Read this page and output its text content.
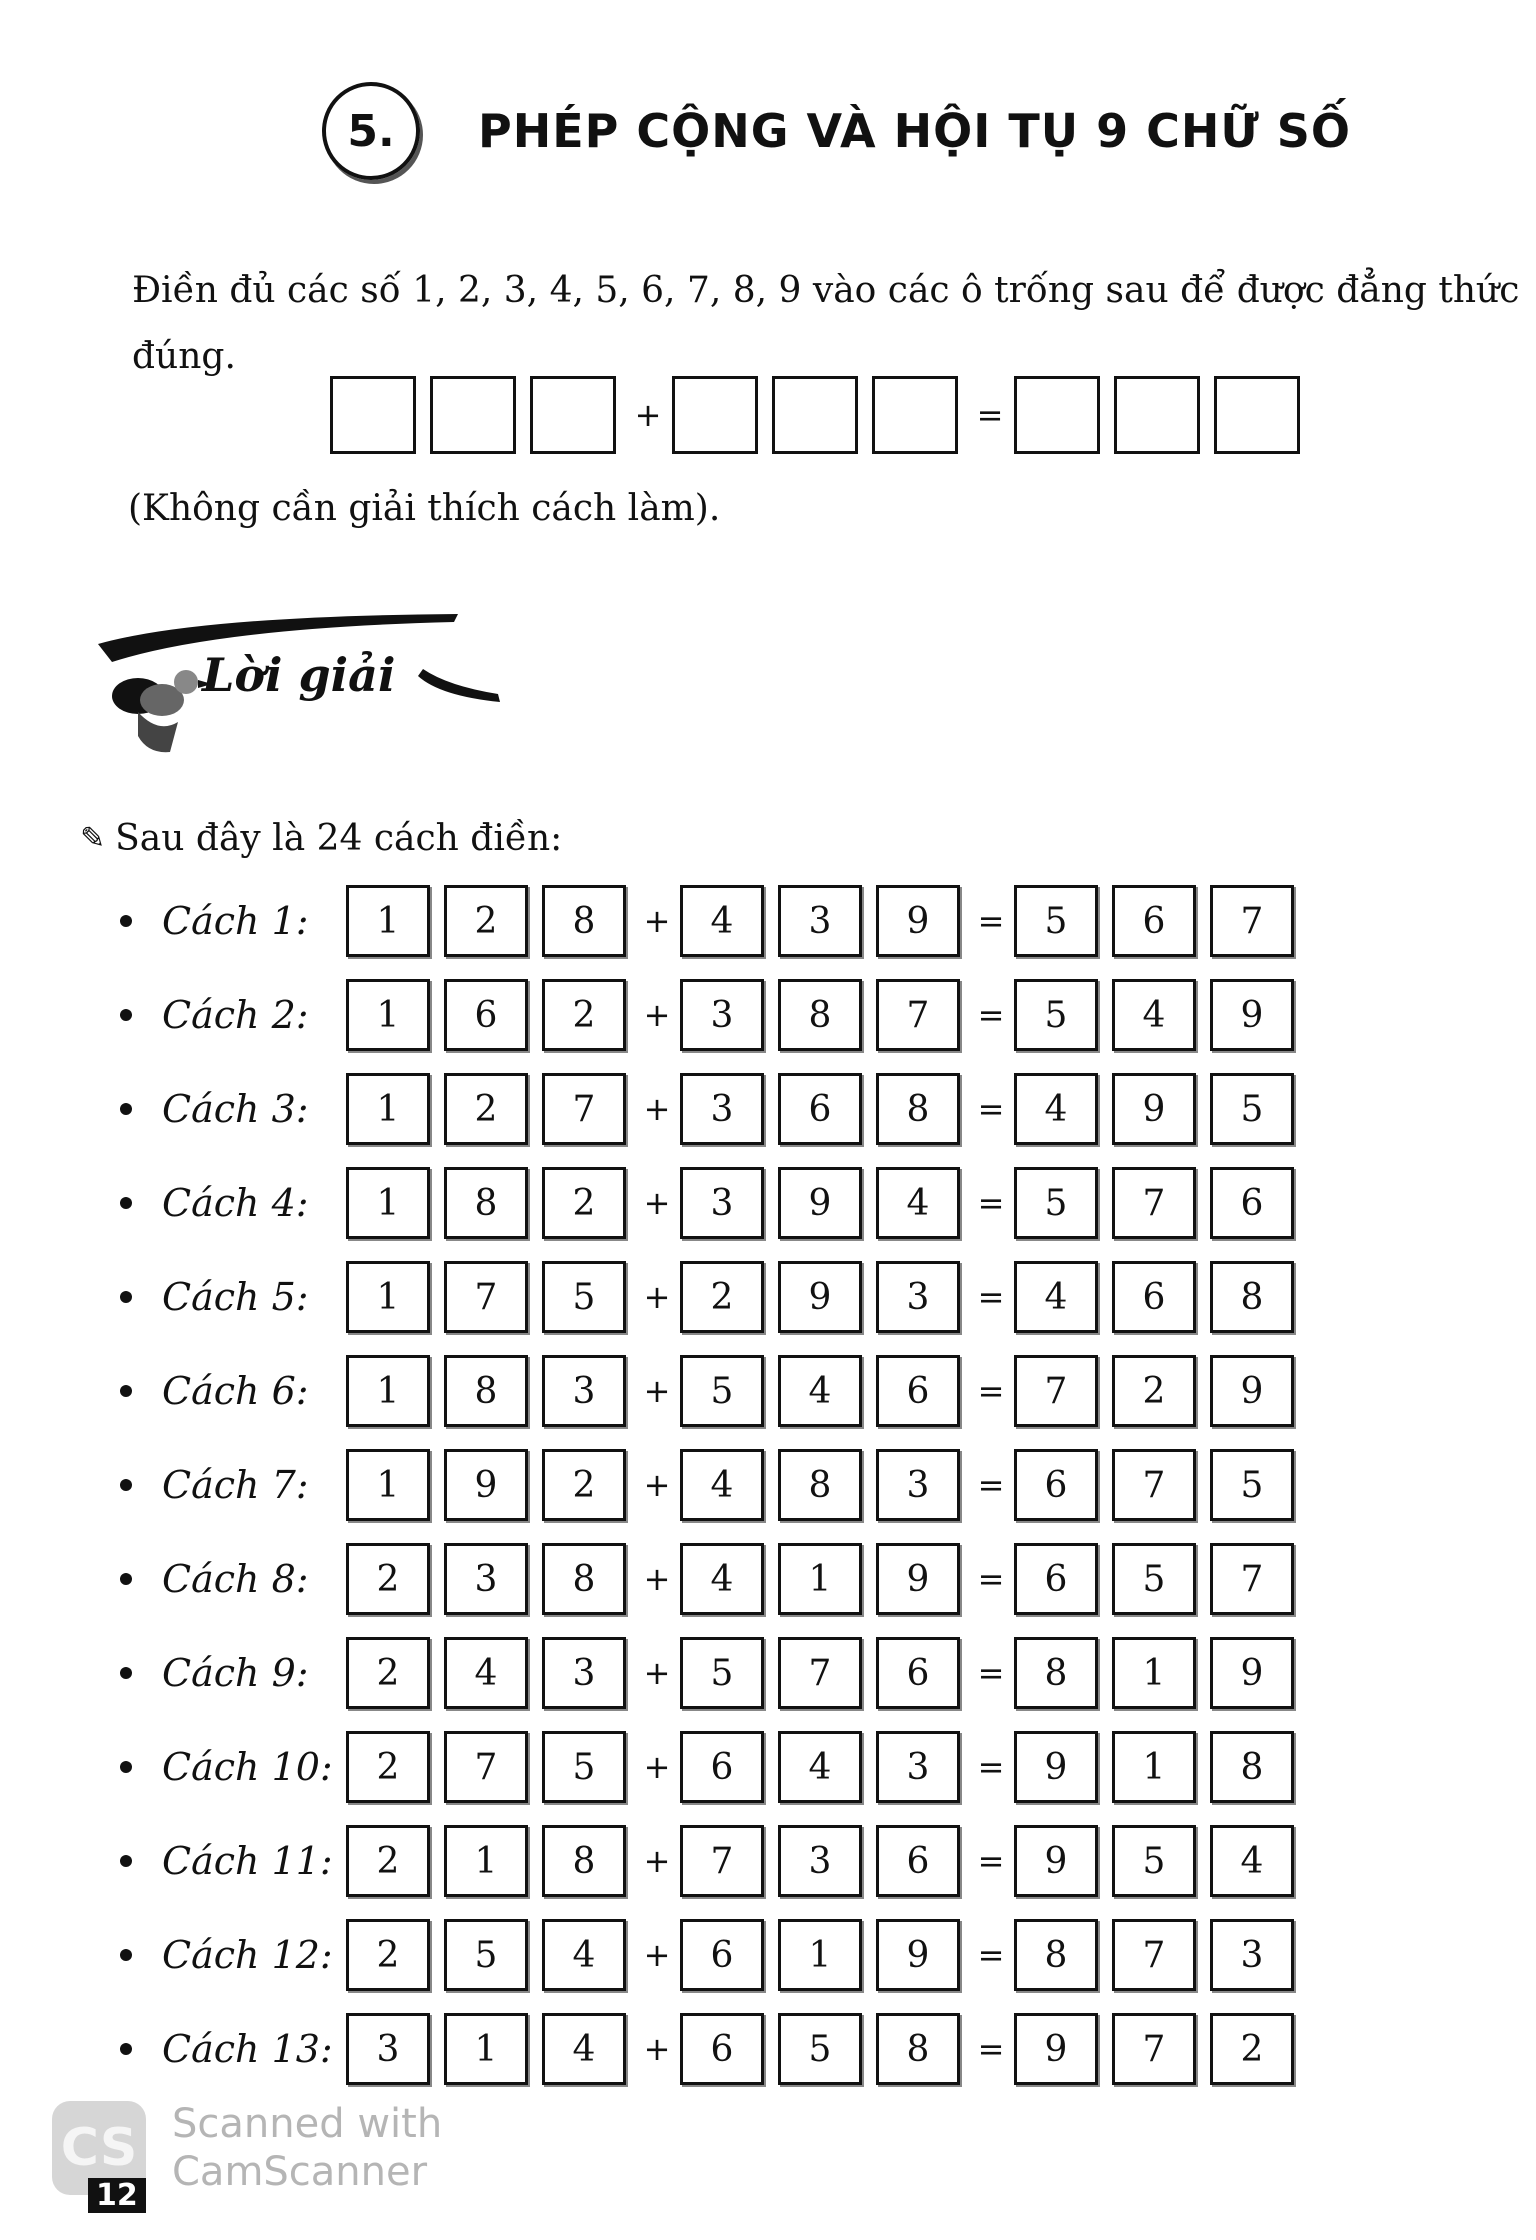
5.	PHÉP CỘNG VÀ HỘI TỤ 9 CHỮ SỐ
Điền đủ các số 1, 2, 3, 4, 5, 6, 7, 8, 9 vào các ô trống sau để được đẳng thức đúng.
+	=
(Không cần giải thích cách làm).
Lời giải
✎ Sau đây là 24 cách điền:
Cách 1:	1	2	8	+	4	3	9	=	5	6	7
Cách 2:	1	6	2	+	3	8	7	=	5	4	9
Cách 3:	1	2	7	+	3	6	8	=	4	9	5
Cách 4:	1	8	2	+	3	9	4	=	5	7	6
Cách 5:	1	7	5	+	2	9	3	=	4	6	8
Cách 6:	1	8	3	+	5	4	6	=	7	2	9
Cách 7:	1	9	2	+	4	8	3	=	6	7	5
Cách 8:	2	3	8	+	4	1	9	=	6	5	7
Cách 9:	2	4	3	+	5	7	6	=	8	1	9
Cách 10:	2	7	5	+	6	4	3	=	9	1	8
Cách 11:	2	1	8	+	7	3	6	=	9	5	4
Cách 12:	2	5	4	+	6	1	9	=	8	7	3
Cách 13:	3	1	4	+	6	5	8	=	9	7	2
CS Scanned with
CamScanner
12
